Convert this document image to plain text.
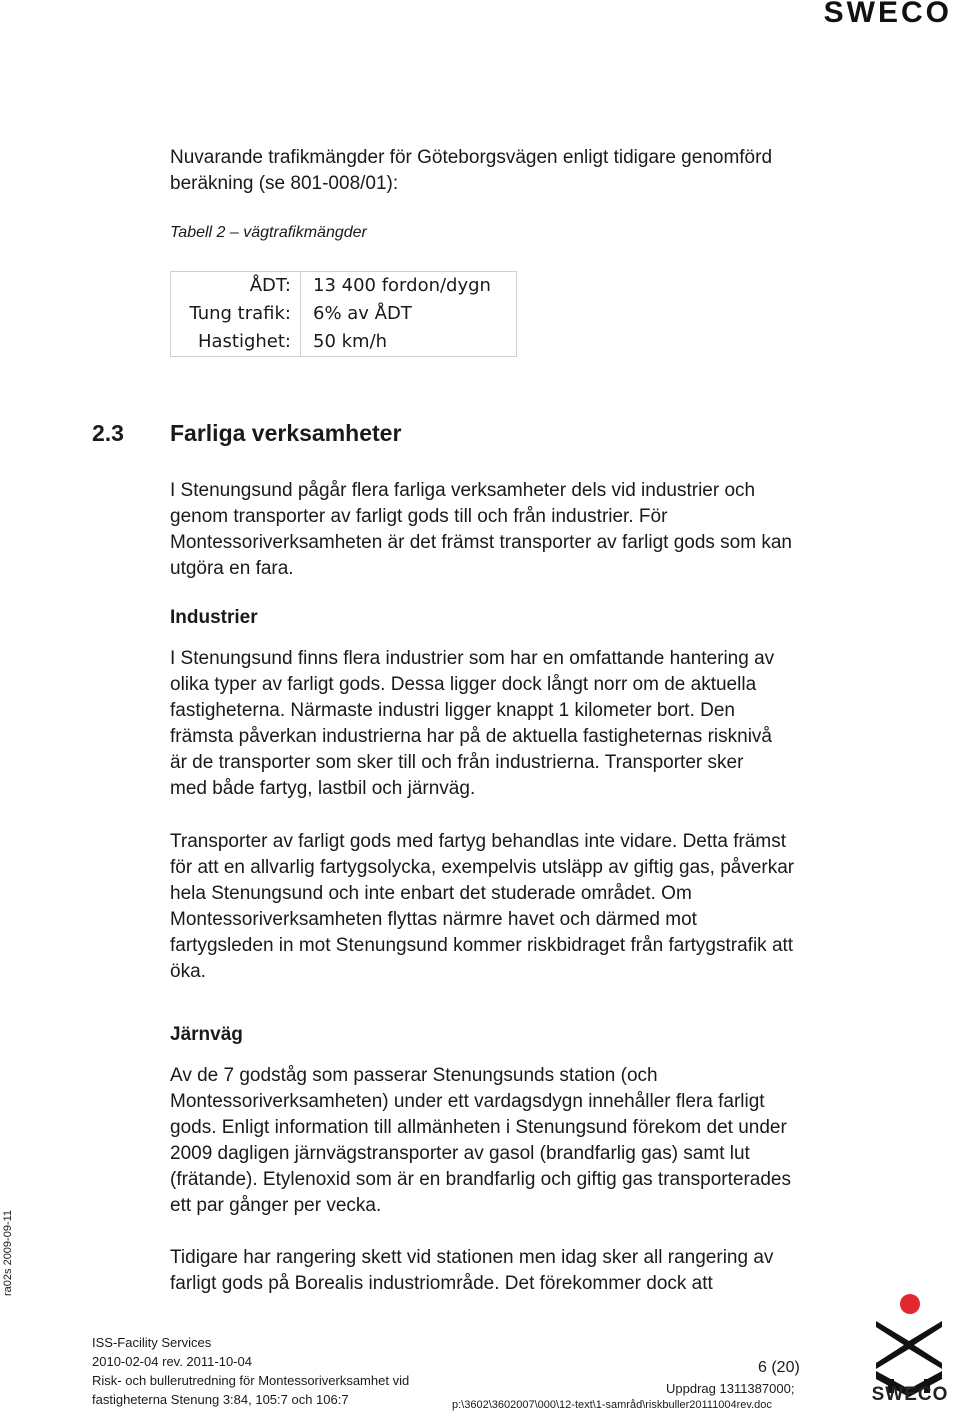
SWECO

Nuvarande trafikmängder för Göteborgsvägen enligt tidigare genomförd beräkning (se 801-008/01):

Tabell 2 – vägtrafikmängder

ÅDT:	13 400 fordon/dygn
Tung trafik:	6% av ÅDT
Hastighet:	50 km/h
2.3 Farliga verksamheter

I Stenungsund pågår flera farliga verksamheter dels vid industrier och genom transporter av farligt gods till och från industrier. För Montessoriverksamheten är det främst transporter av farligt gods som kan utgöra en fara.

Industrier

I Stenungsund finns flera industrier som har en omfattande hantering av olika typer av farligt gods. Dessa ligger dock långt norr om de aktuella fastigheterna. Närmaste industri ligger knappt 1 kilometer bort. Den främsta påverkan industrierna har på de aktuella fastigheternas risknivå är de transporter som sker till och från industrierna. Transporter sker med både fartyg, lastbil och järnväg.

Transporter av farligt gods med fartyg behandlas inte vidare. Detta främst för att en allvarlig fartygsolycka, exempelvis utsläpp av giftig gas, påverkar hela Stenungsund och inte enbart det studerade området. Om Montessoriverksamheten flyttas närmre havet och därmed mot fartygsleden in mot Stenungsund kommer riskbidraget från fartygstrafik att öka.

Järnväg

Av de 7 godståg som passerar Stenungsunds station (och Montessoriverksamheten) under ett vardagsdygn innehåller flera farligt gods. Enligt information till allmänheten i Stenungsund förekom det under 2009 dagligen järnvägstransporter av gasol (brandfarlig gas) samt lut (frätande). Etylenoxid som är en brandfarlig och giftig gas transporterades ett par gånger per vecka.

Tidigare har rangering skett vid stationen men idag sker all rangering av farligt gods på Borealis industriområde. Det förekommer dock att

ra02s 2009-09-11
ISS-Facility Services
2010-02-04 rev. 2011-10-04
Risk- och bullerutredning för Montessoriverksamhet vid
fastigheterna Stenung 3:84, 105:7 och 106:7
6 (20)
Uppdrag 1311387000;
p:\3602\3602007\000\12-text\1-samråd\riskbuller20111004rev.doc	SWECO
